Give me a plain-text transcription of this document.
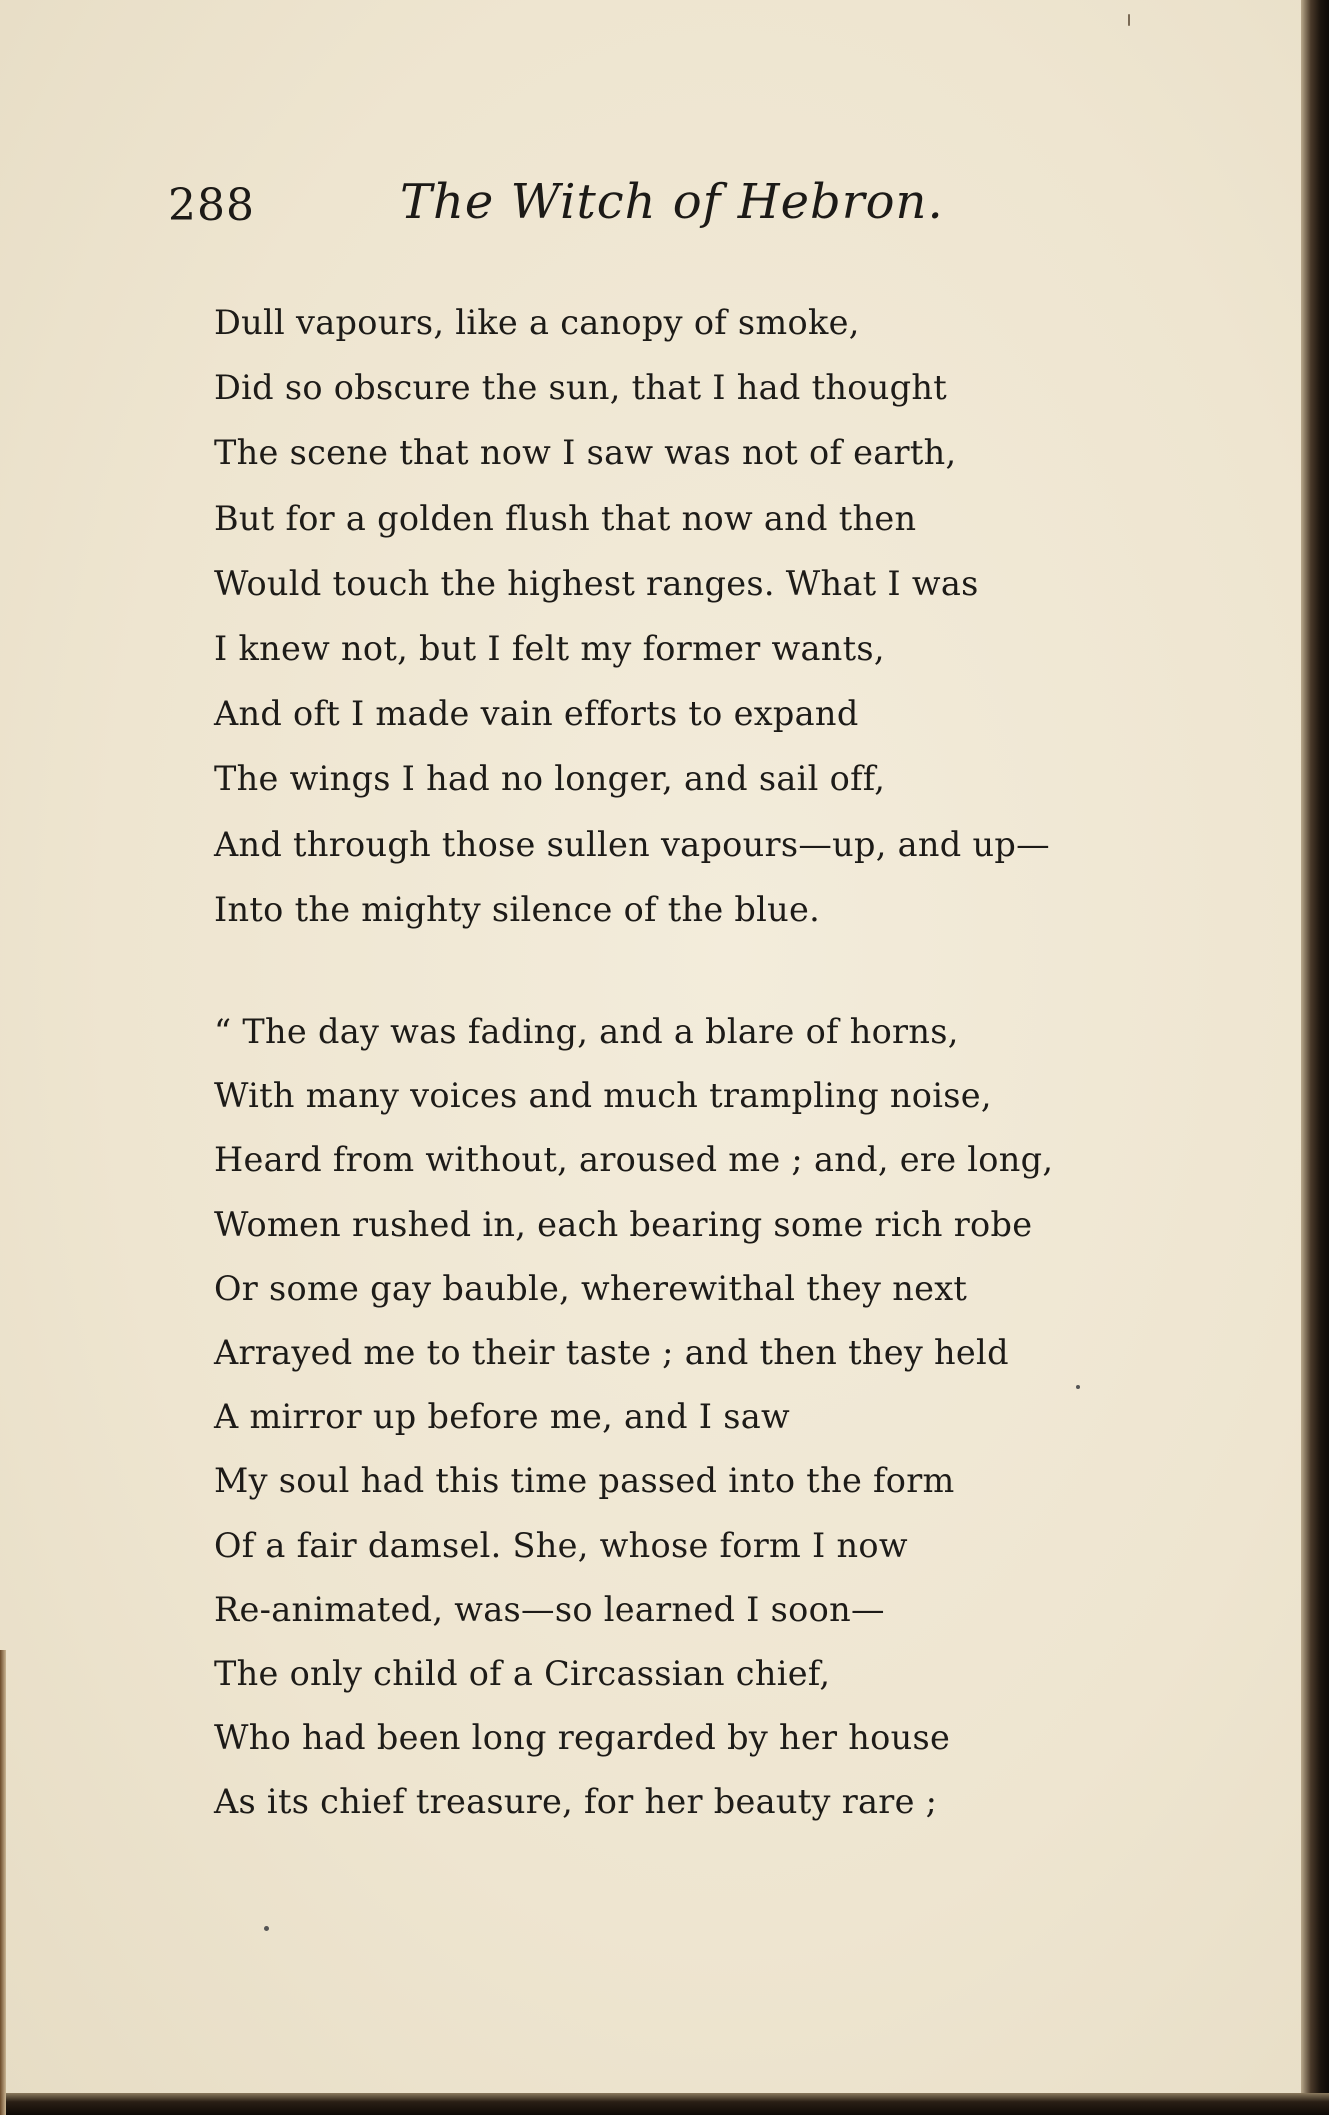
288	The Witch of Hebron.
Dull vapours, like a canopy of smoke,
Did so obscure the sun, that I had thought
The scene that now I saw was not of earth,
But for a golden flush that now and then
Would touch the highest ranges. What I was
I knew not, but I felt my former wants,
And oft I made vain efforts to expand
The wings I had no longer, and sail off,
And through those sullen vapours—up, and up—
Into the mighty silence of the blue.
“ The day was fading, and a blare of horns,
With many voices and much trampling noise,
Heard from without, aroused me ; and, ere long,
Women rushed in, each bearing some rich robe
Or some gay bauble, wherewithal they next
Arrayed me to their taste ; and then they held
A mirror up before me, and I saw
My soul had this time passed into the form
Of a fair damsel. She, whose form I now
Re-animated, was—so learned I soon—
The only child of a Circassian chief,
Who had been long regarded by her house
As its chief treasure, for her beauty rare ;
